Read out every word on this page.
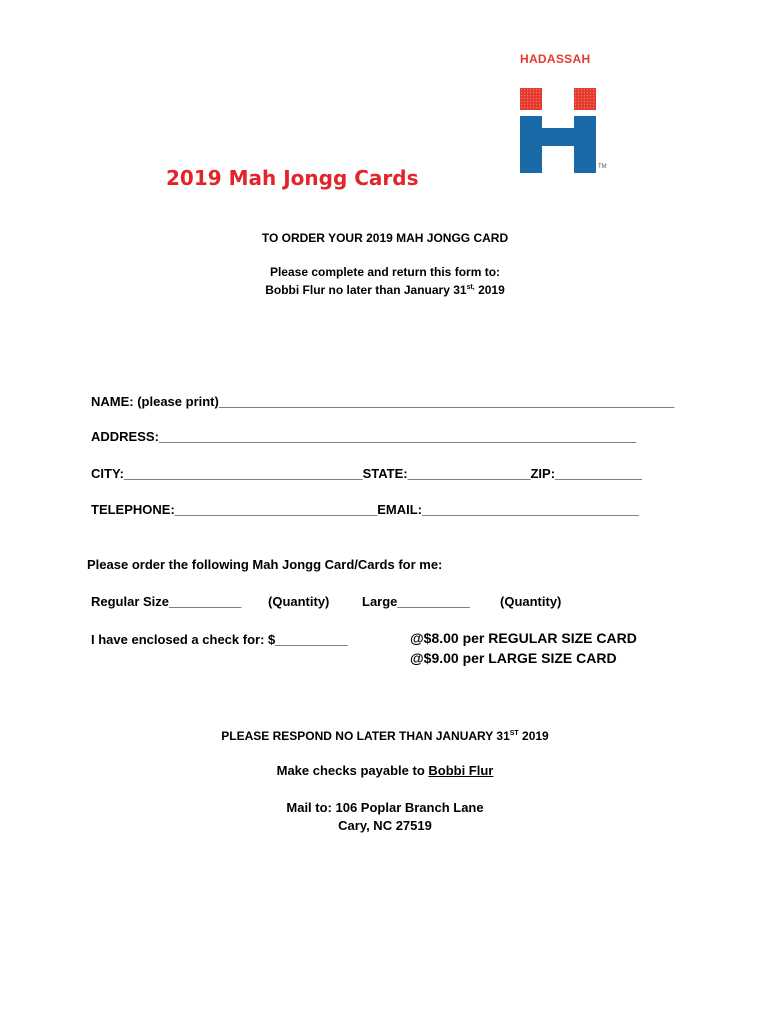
HADASSAH
TM
2019 Mah Jongg Cards
TO ORDER YOUR 2019 MAH JONGG CARD
Please complete and return this form to:
Bobbi Flur no later than January $31^{st,}$ 2019
NAME: (please print)_______________________________________________________________
ADDRESS:__________________________________________________________________
CITY:_________________________________STATE:_________________ZIP:____________
TELEPHONE:____________________________EMAIL:______________________________
Please order the following Mah Jongg Card/Cards for me:
Regular Size__________ (Quantity)	Large__________ (Quantity)
I have enclosed a check for: $__________	@$8.00 per REGULAR SIZE CARD
@$9.00 per LARGE SIZE CARD
PLEASE RESPOND NO LATER THAN JANUARY 31ST 2019
Make checks payable to Bobbi Flur
Mail to: 106 Poplar Branch Lane
Cary, NC 27519
